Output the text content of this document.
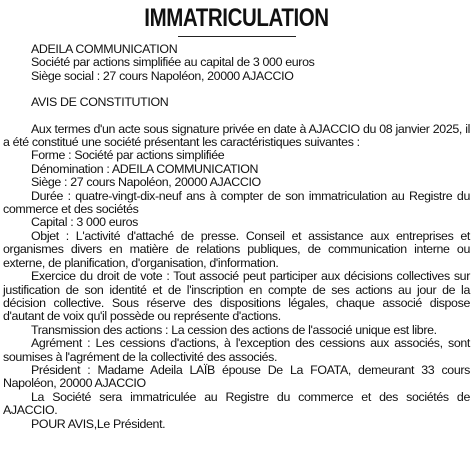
IMMATRICULATION

ADEILA COMMUNICATION

Société par actions simplifiée au capital de 3 000 euros

Siège social : 27 cours Napoléon, 20000 AJACCIO

AVIS DE CONSTITUTION

Aux termes d'un acte sous signature privée en date à AJACCIO du 08 janvier 2025, il a été constitué une société présentant les caractéristiques suivantes :

Forme : Société par actions simplifiée

Dénomination : ADEILA COMMUNICATION

Siège : 27 cours Napoléon, 20000 AJACCIO

Durée : quatre-vingt-dix-neuf ans à compter de son immatriculation au Registre du commerce et des sociétés

Capital : 3 000 euros

Objet : L'activité d'attaché de presse. Conseil et assistance aux entreprises et organismes divers en matière de relations publiques, de communication interne ou externe, de planification, d'organisation, d'information.

Exercice du droit de vote : Tout associé peut participer aux décisions collectives sur justification de son identité et de l'inscription en compte de ses actions au jour de la décision collective. Sous réserve des dispositions légales, chaque associé dispose d'autant de voix qu'il possède ou représente d'actions.

Transmission des actions : La cession des actions de l'associé unique est libre.

Agrément : Les cessions d'actions, à l'exception des cessions aux associés, sont soumises à l'agrément de la collectivité des associés.

Président : Madame Adeila LAÏB épouse De La FOATA, demeurant 33 cours Napoléon, 20000 AJACCIO

La Société sera immatriculée au Registre du commerce et des sociétés de AJACCIO.

POUR AVIS,Le Président.
